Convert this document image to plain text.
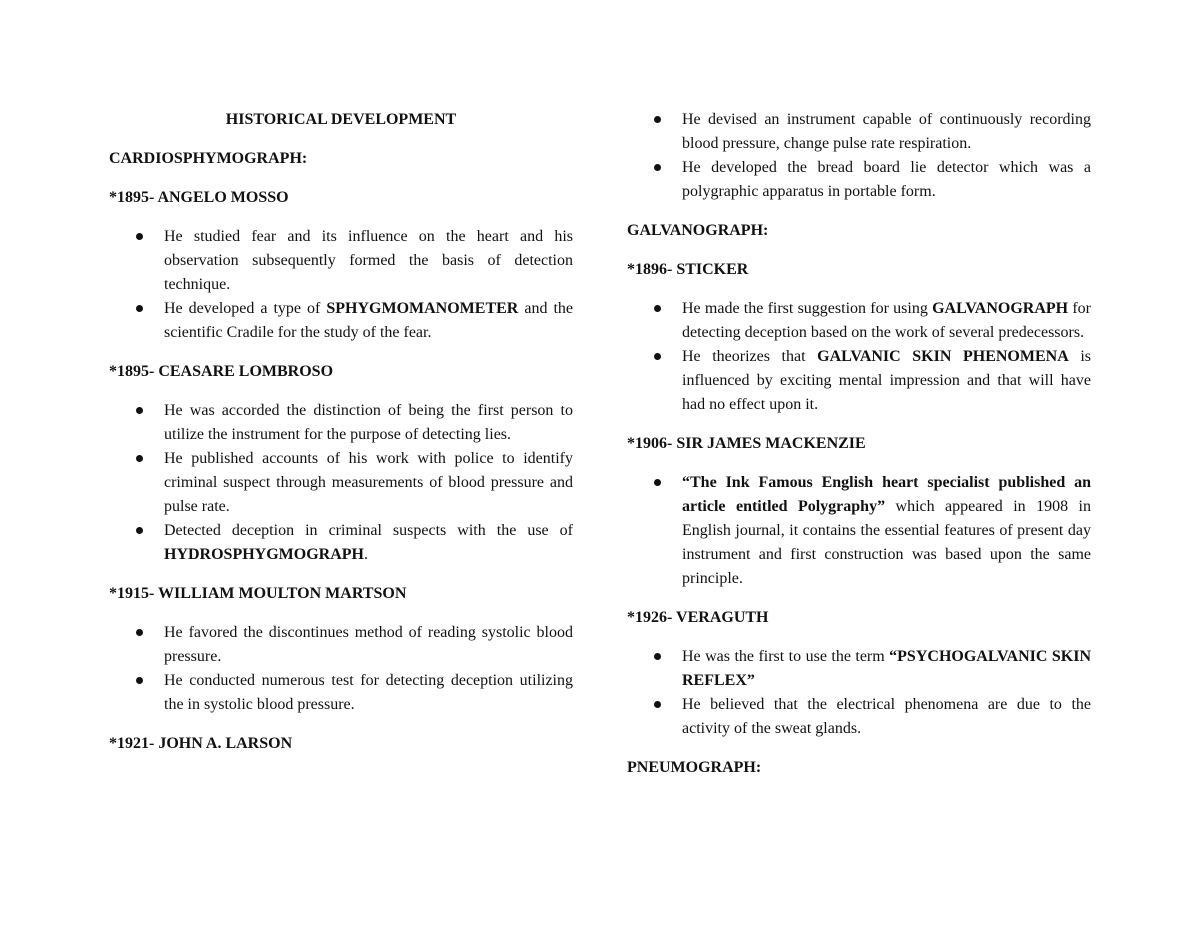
HISTORICAL DEVELOPMENT
CARDIOSPHYMOGRAPH:
*1895- ANGELO MOSSO
He studied fear and its influence on the heart and his observation subsequently formed the basis of detection technique.
He developed a type of SPHYGMOMANOMETER and the scientific Cradile for the study of the fear.
*1895- CEASARE LOMBROSO
He was accorded the distinction of being the first person to utilize the instrument for the purpose of detecting lies.
He published accounts of his work with police to identify criminal suspect through measurements of blood pressure and pulse rate.
Detected deception in criminal suspects with the use of HYDROSPHYGMOGRAPH.
*1915- WILLIAM MOULTON MARTSON
He favored the discontinues method of reading systolic blood pressure.
He conducted numerous test for detecting deception utilizing the in systolic blood pressure.
*1921- JOHN A. LARSON
He devised an instrument capable of continuously recording blood pressure, change pulse rate respiration.
He developed the bread board lie detector which was a polygraphic apparatus in portable form.
GALVANOGRAPH:
*1896- STICKER
He made the first suggestion for using GALVANOGRAPH for detecting deception based on the work of several predecessors.
He theorizes that GALVANIC SKIN PHENOMENA is influenced by exciting mental impression and that will have had no effect upon it.
*1906- SIR JAMES MACKENZIE
“The Ink Famous English heart specialist published an article entitled Polygraphy” which appeared in 1908 in English journal, it contains the essential features of present day instrument and first construction was based upon the same principle.
*1926- VERAGUTH
He was the first to use the term “PSYCHOGALVANIC SKIN REFLEX”
He believed that the electrical phenomena are due to the activity of the sweat glands.
PNEUMOGRAPH:
